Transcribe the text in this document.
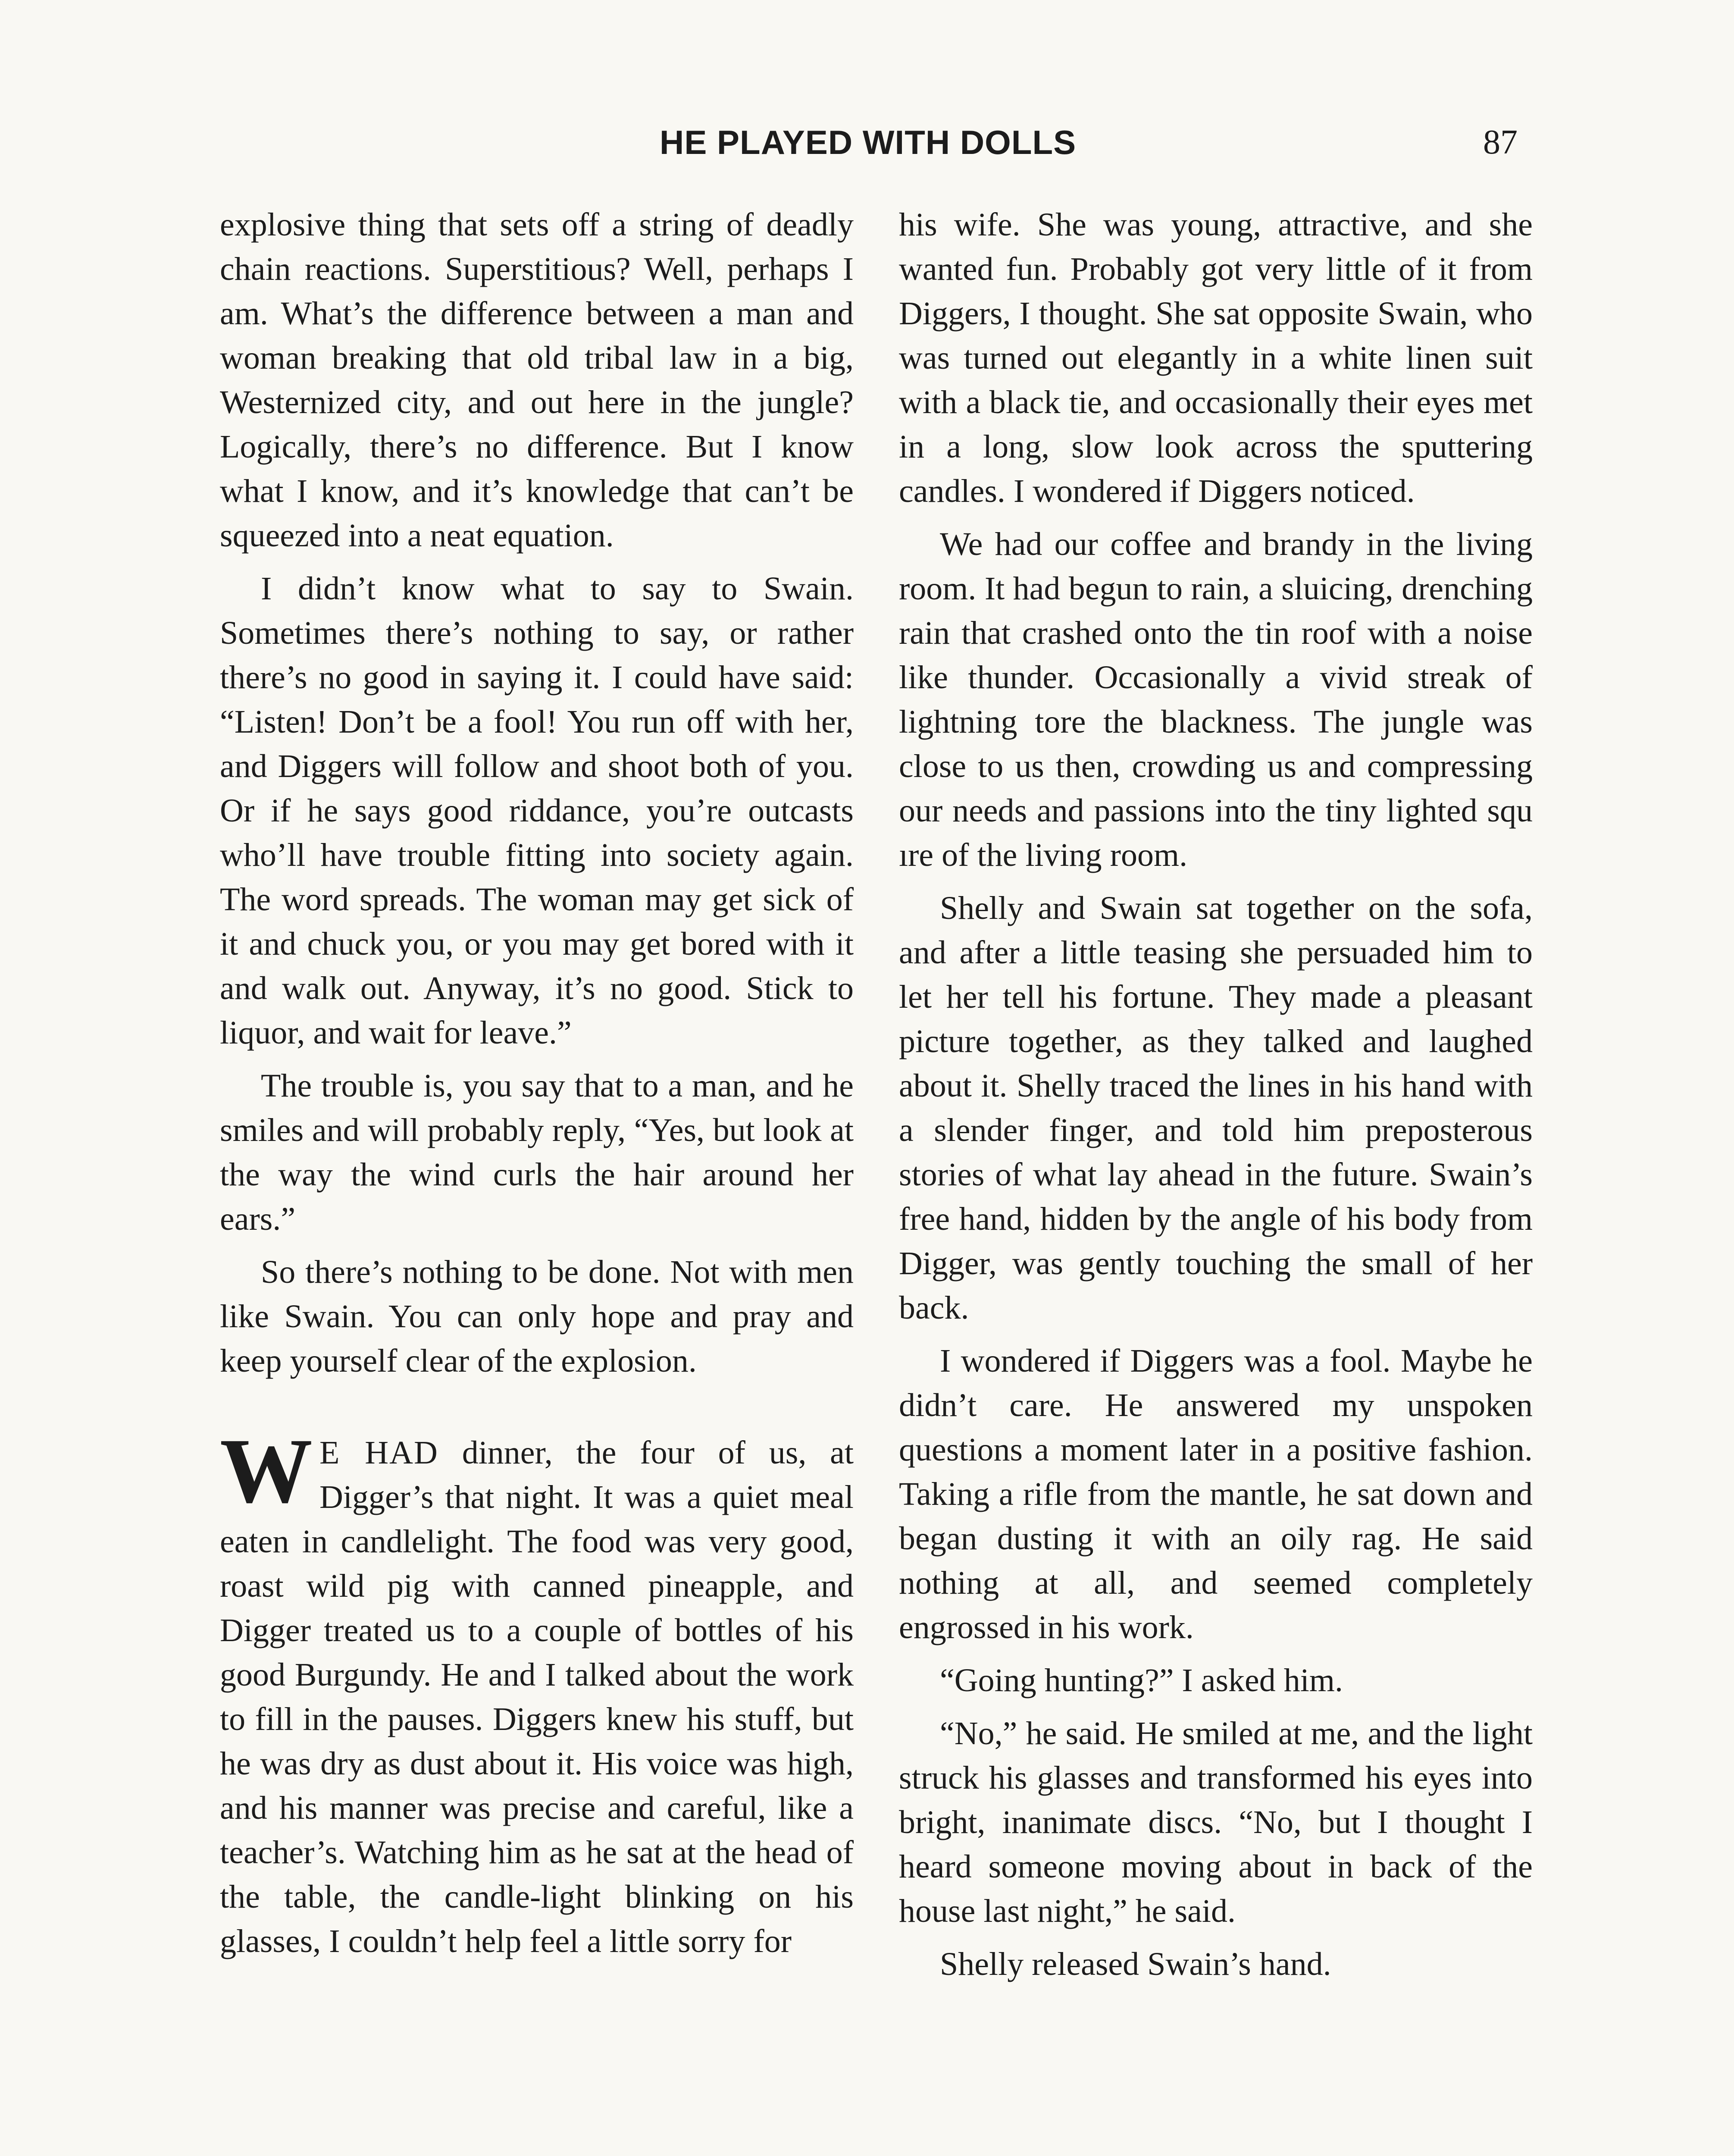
HE PLAYED WITH DOLLS	87

explosive thing that sets off a string of deadly chain reactions. Superstitious? Well, perhaps I am. What’s the difference between a man and woman breaking that old tribal law in a big, Westernized city, and out here in the jungle? Logically, there’s no difference. But I know what I know, and it’s knowledge that can’t be squeezed into a neat equation.

I didn’t know what to say to Swain. Sometimes there’s nothing to say, or rather there’s no good in saying it. I could have said: “Listen! Don’t be a fool! You run off with her, and Diggers will follow and shoot both of you. Or if he says good riddance, you’re outcasts who’ll have trouble fitting into society again. The word spreads. The woman may get sick of it and chuck you, or you may get bored with it and walk out. Anyway, it’s no good. Stick to liquor, and wait for leave.”

The trouble is, you say that to a man, and he smiles and will probably reply, “Yes, but look at the way the wind curls the hair around her ears.”

So there’s nothing to be done. Not with men like Swain. You can only hope and pray and keep yourself clear of the explosion.

W E HAD dinner, the four of us, at Digger’s that night. It was a quiet meal eaten in candlelight. The food was very good, roast wild pig with canned pineapple, and Digger treated us to a couple of bottles of his good Burgundy. He and I talked about the work to fill in the pauses. Diggers knew his stuff, but he was dry as dust about it. His voice was high, and his manner was precise and careful, like a teacher’s. Watching him as he sat at the head of the table, the candle-light blinking on his glasses, I couldn’t help feel a little sorry for

his wife. She was young, attractive, and she wanted fun. Probably got very little of it from Diggers, I thought. She sat opposite Swain, who was turned out elegantly in a white linen suit with a black tie, and occasionally their eyes met in a long, slow look across the sputtering candles. I wondered if Diggers noticed.

We had our coffee and brandy in the living room. It had begun to rain, a sluicing, drenching rain that crashed onto the tin roof with a noise like thunder. Occasionally a vivid streak of lightning tore the blackness. The jungle was close to us then, crowding us and compressing our needs and passions into the tiny lighted squ ıre of the living room.

Shelly and Swain sat together on the sofa, and after a little teasing she persuaded him to let her tell his fortune. They made a pleasant picture together, as they talked and laughed about it. Shelly traced the lines in his hand with a slender finger, and told him preposterous stories of what lay ahead in the future. Swain’s free hand, hidden by the angle of his body from Digger, was gently touching the small of her back.

I wondered if Diggers was a fool. Maybe he didn’t care. He answered my unspoken questions a moment later in a positive fashion. Taking a rifle from the mantle, he sat down and began dusting it with an oily rag. He said nothing at all, and seemed completely engrossed in his work.

“Going hunting?” I asked him.

“No,” he said. He smiled at me, and the light struck his glasses and transformed his eyes into bright, inanimate discs. “No, but I thought I heard someone moving about in back of the house last night,” he said.

Shelly released Swain’s hand.
